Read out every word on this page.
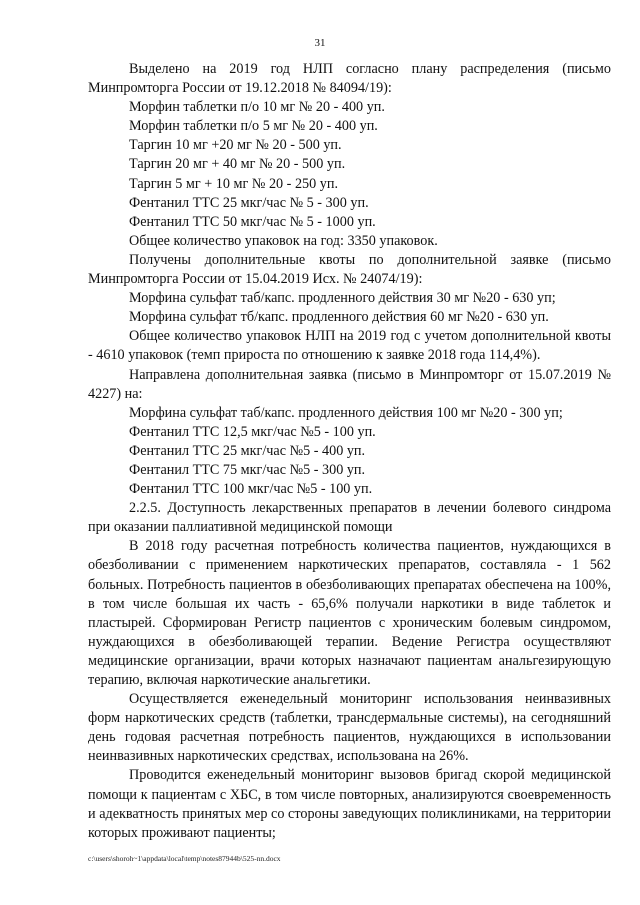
31
Выделено на 2019 год НЛП согласно плану распределения (письмо Минпромторга России от 19.12.2018 № 84094/19):
Морфин таблетки п/о 10 мг № 20 - 400 уп.
Морфин таблетки п/о 5 мг № 20 - 400 уп.
Таргин 10 мг +20 мг № 20 - 500 уп.
Таргин 20 мг + 40 мг № 20 - 500 уп.
Таргин 5 мг + 10 мг № 20 - 250 уп.
Фентанил ТТС 25 мкг/час № 5 - 300 уп.
Фентанил ТТС 50 мкг/час № 5 - 1000 уп.
Общее количество упаковок на год: 3350 упаковок.
Получены дополнительные квоты по дополнительной заявке (письмо Минпромторга России от 15.04.2019 Исх. № 24074/19):
Морфина сульфат таб/капс. продленного действия 30 мг №20 - 630 уп;
Морфина сульфат тб/капс. продленного действия 60 мг №20 - 630 уп.
Общее количество упаковок НЛП на 2019 год с учетом дополнительной квоты - 4610 упаковок (темп прироста по отношению к заявке 2018 года 114,4%).
Направлена дополнительная заявка (письмо в Минпромторг от 15.07.2019 № 4227) на:
Морфина сульфат таб/капс. продленного действия 100 мг №20 - 300 уп;
Фентанил ТТС 12,5 мкг/час №5 - 100 уп.
Фентанил ТТС 25 мкг/час №5 - 400 уп.
Фентанил ТТС 75 мкг/час №5 - 300 уп.
Фентанил ТТС 100 мкг/час №5 - 100 уп.
2.2.5. Доступность лекарственных препаратов в лечении болевого синдрома при оказании паллиативной медицинской помощи
В 2018 году расчетная потребность количества пациентов, нуждающихся в обезболивании с применением наркотических препаратов, составляла - 1 562 больных. Потребность пациентов в обезболивающих препаратах обеспечена на 100%, в том числе большая их часть - 65,6% получали наркотики в виде таблеток и пластырей. Сформирован Регистр пациентов с хроническим болевым синдромом, нуждающихся в обезболивающей терапии. Ведение Регистра осуществляют медицинские организации, врачи которых назначают пациентам анальгезирующую терапию, включая наркотические анальгетики.
Осуществляется еженедельный мониторинг использования неинвазивных форм наркотических средств (таблетки, трансдермальные системы), на сегодняшний день годовая расчетная потребность пациентов, нуждающихся в использовании неинвазивных наркотических средствах, использована на 26%.
Проводится еженедельный мониторинг вызовов бригад скорой медицинской помощи к пациентам с ХБС, в том числе повторных, анализируются своевременность и адекватность принятых мер со стороны заведующих поликлиниками, на территории которых проживают пациенты;
c:\users\shoroh~1\appdata\local\temp\notes87944b\525-nn.docx
